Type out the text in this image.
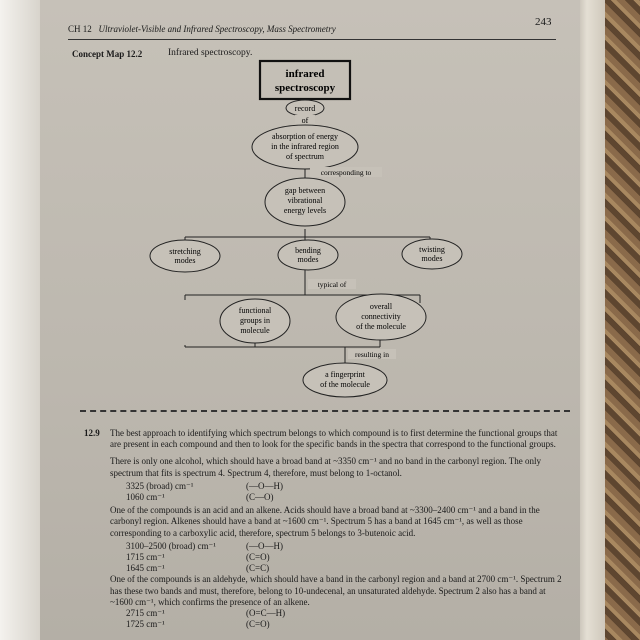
CH 12 Ultraviolet-Visible and Infrared Spectroscopy, Mass Spectrometry
243
Concept Map 12.2	Infrared spectroscopy.
infrared
spectroscopy
record
of
absorption of energy
in the infrared region
of spectrum
corresponding to
gap between
vibrational
energy levels
stretching
modes
bending
modes
twisting
modes
typical of
functional
groups in
molecule
overall
connectivity
of the molecule
resulting in
a fingerprint
of the molecule
12.9 The best approach to identifying which spectrum belongs to which compound is to first determine the functional groups that are present in each compound and then to look for the specific bands in the spectra that correspond to the functional groups.

There is only one alcohol, which should have a broad band at ~3350 cm⁻¹ and no band in the carbonyl region. The only spectrum that fits is spectrum 4. Spectrum 4, therefore, must belong to 1-octanol.

3325 (broad) cm⁻¹	(—O—H)
1060 cm⁻¹	(C—O)

One of the compounds is an acid and an alkene. Acids should have a broad band at ~3300–2400 cm⁻¹ and a band in the carbonyl region. Alkenes should have a band at ~1600 cm⁻¹. Spectrum 5 has a band at 1645 cm⁻¹, as well as those corresponding to a carboxylic acid, therefore, spectrum 5 belongs to 3-butenoic acid.

3100–2500 (broad) cm⁻¹	(—O—H)
1715 cm⁻¹	(C=O)
1645 cm⁻¹	(C=C)

One of the compounds is an aldehyde, which should have a band in the carbonyl region and a band at 2700 cm⁻¹. Spectrum 2 has these two bands and must, therefore, belong to 10-undecenal, an unsaturated aldehyde. Spectrum 2 also has a band at ~1600 cm⁻¹, which confirms the presence of an alkene.

2715 cm⁻¹	(O=C—H)
1725 cm⁻¹	(C=O)
